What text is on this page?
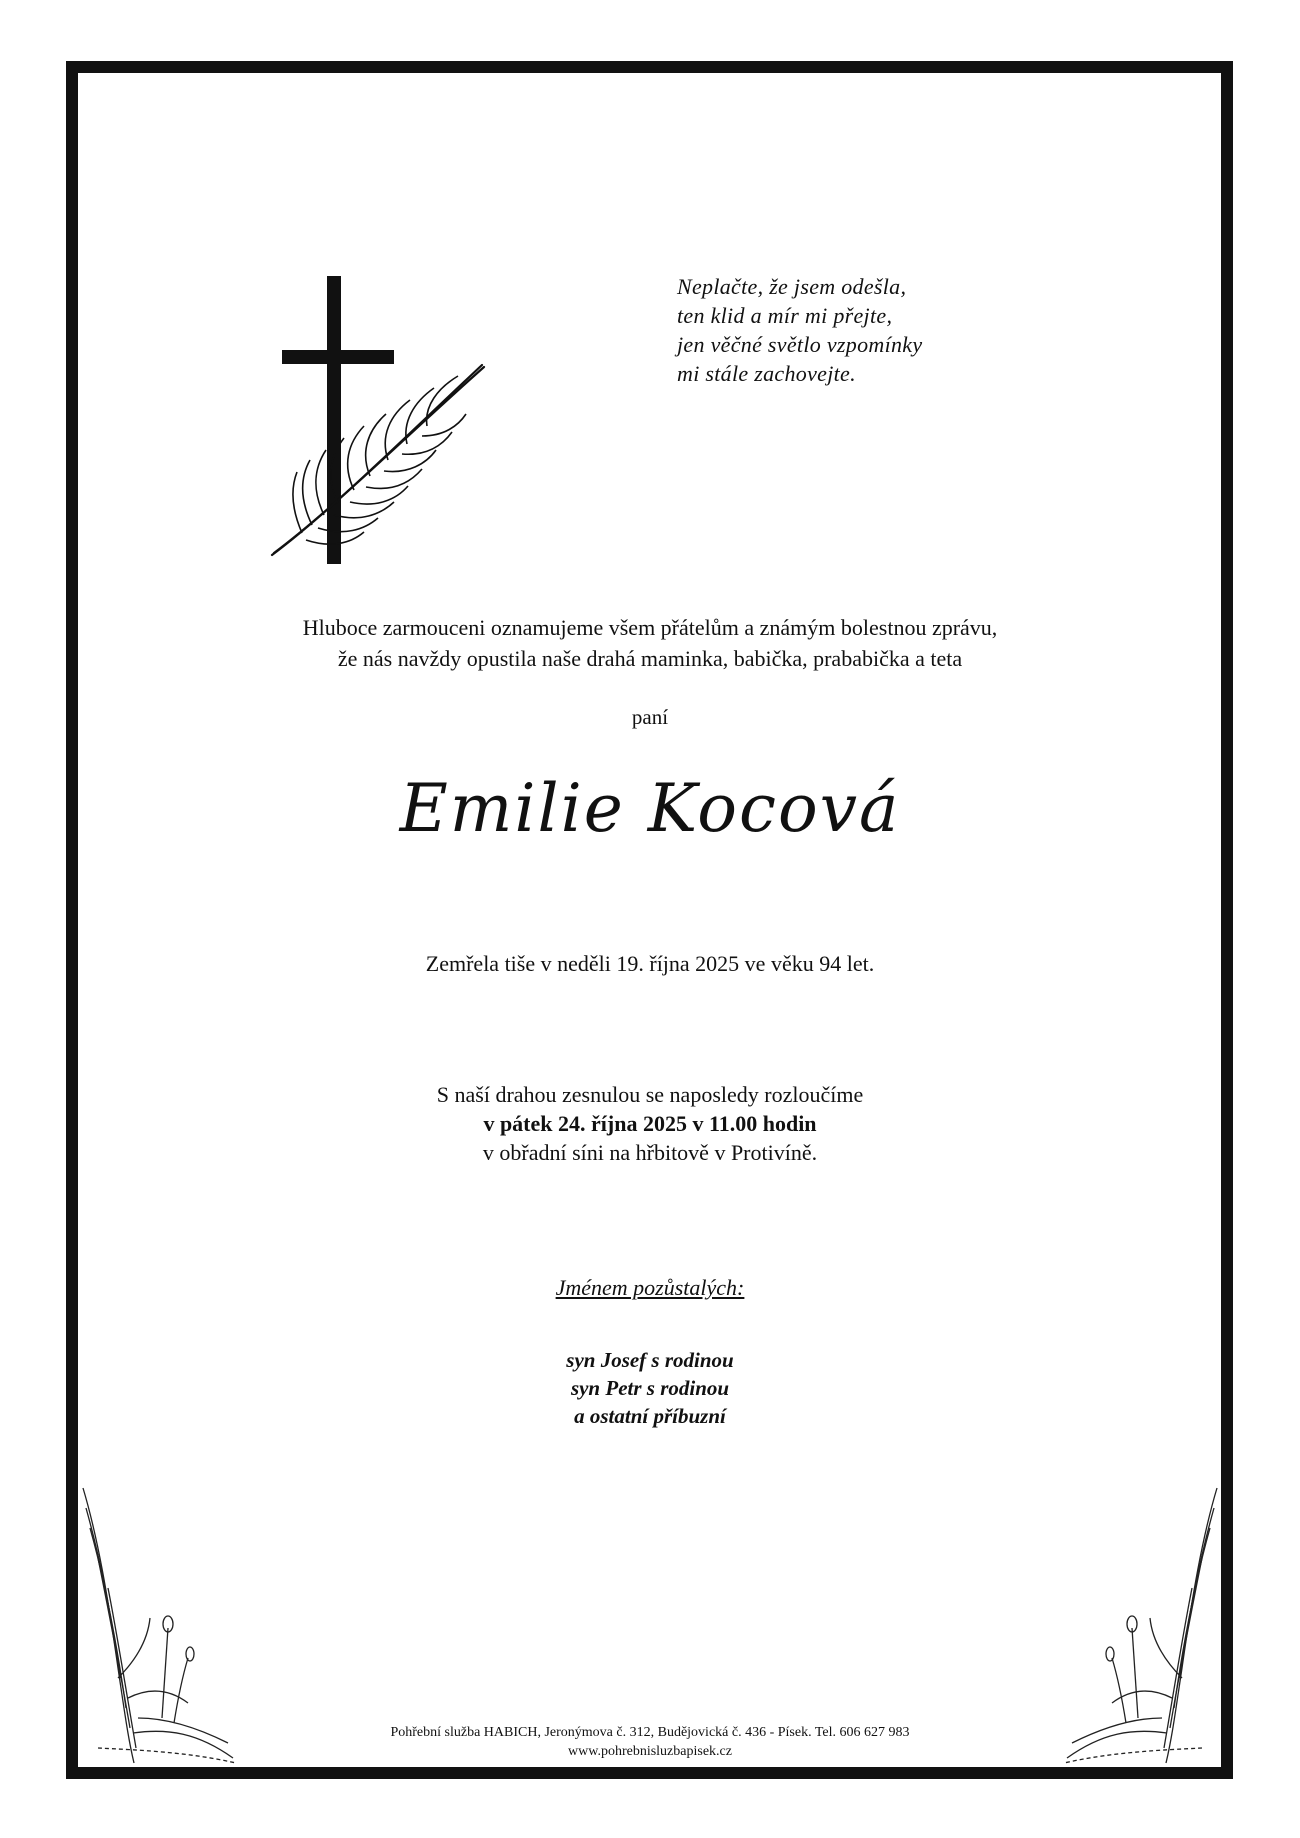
Neplačte, že jsem odešla,
ten klid a mír mi přejte,
jen věčné světlo vzpomínky
mi stále zachovejte.
Hluboce zarmouceni oznamujeme všem přátelům a známým bolestnou zprávu,
že nás navždy opustila naše drahá maminka, babička, prababička a teta
paní
Emilie Kocová
Zemřela tiše v neděli 19. října 2025 ve věku 94 let.
S naší drahou zesnulou se naposledy rozloučíme
v pátek 24. října 2025 v 11.00 hodin
v obřadní síni na hřbitově v Protivíně.
Jménem pozůstalých:
syn Josef s rodinou
syn Petr s rodinou
a ostatní příbuzní
Pohřební služba HABICH, Jeronýmova č. 312, Budějovická č. 436 - Písek. Tel. 606 627 983
www.pohrebnisluzbapisek.cz
